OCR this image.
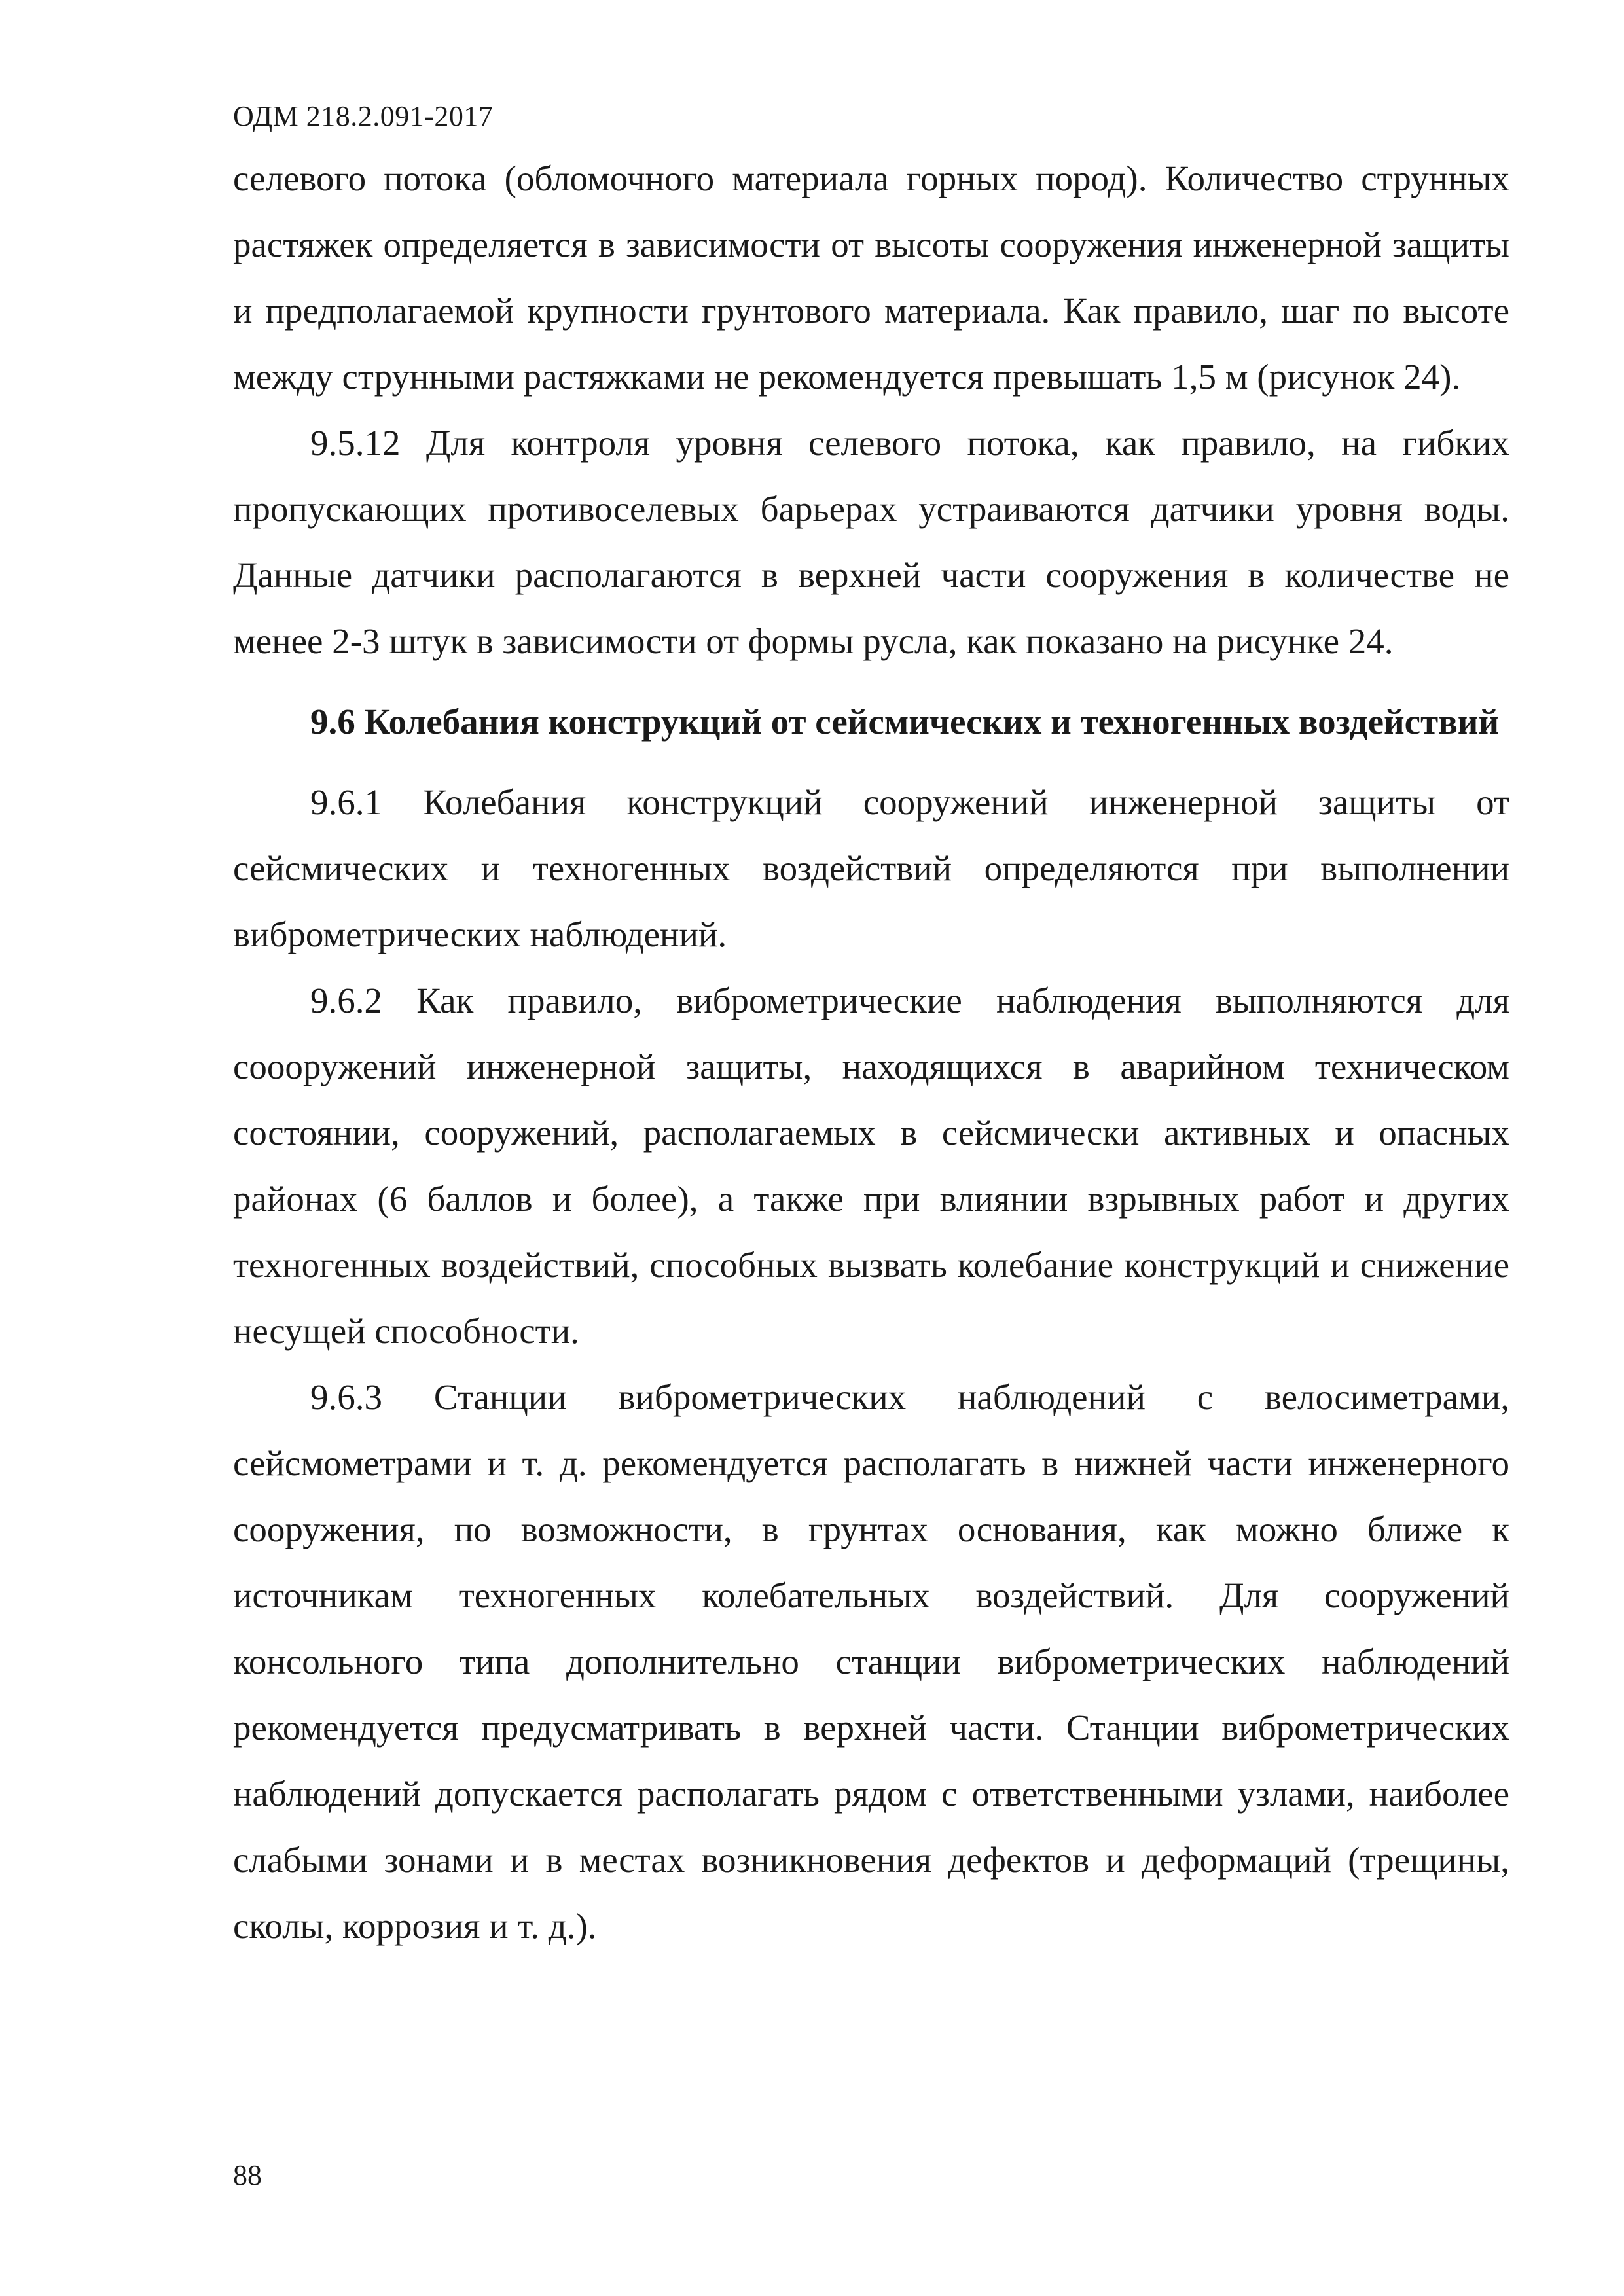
ОДМ 218.2.091-2017

селевого потока (обломочного материала горных пород). Количество струнных растяжек определяется в зависимости от высоты сооружения инженерной защиты и предполагаемой крупности грунтового материала. Как правило, шаг по высоте между струнными растяжками не рекомендуется превышать 1,5 м (рисунок 24).

9.5.12 Для контроля уровня селевого потока, как правило, на гибких пропускающих противоселевых барьерах устраиваются датчики уровня воды. Данные датчики располагаются в верхней части сооружения в количестве не менее 2-3 штук в зависимости от формы русла, как показано на рисунке 24.

9.6 Колебания конструкций от сейсмических и техногенных воздействий

9.6.1 Колебания конструкций сооружений инженерной защиты от сейсмических и техногенных воздействий определяются при выполнении виброметрических наблюдений.

9.6.2 Как правило, виброметрические наблюдения выполняются для соооружений инженерной защиты, находящихся в аварийном техническом состоянии, сооружений, располагаемых в сейсмически активных и опасных районах (6 баллов и более), а также при влиянии взрывных работ и других техногенных воздействий, способных вызвать колебание конструкций и снижение несущей способности.

9.6.3 Станции виброметрических наблюдений с велосиметрами, сейсмометрами и т. д. рекомендуется располагать в нижней части инженерного сооружения, по возможности, в грунтах основания, как можно ближе к источникам техногенных колебательных воздействий. Для сооружений консольного типа дополнительно станции виброметрических наблюдений рекомендуется предусматривать в верхней части. Станции виброметрических наблюдений допускается располагать рядом с ответственными узлами, наиболее слабыми зонами и в местах возникновения дефектов и деформаций (трещины, сколы, коррозия и т. д.).

88
